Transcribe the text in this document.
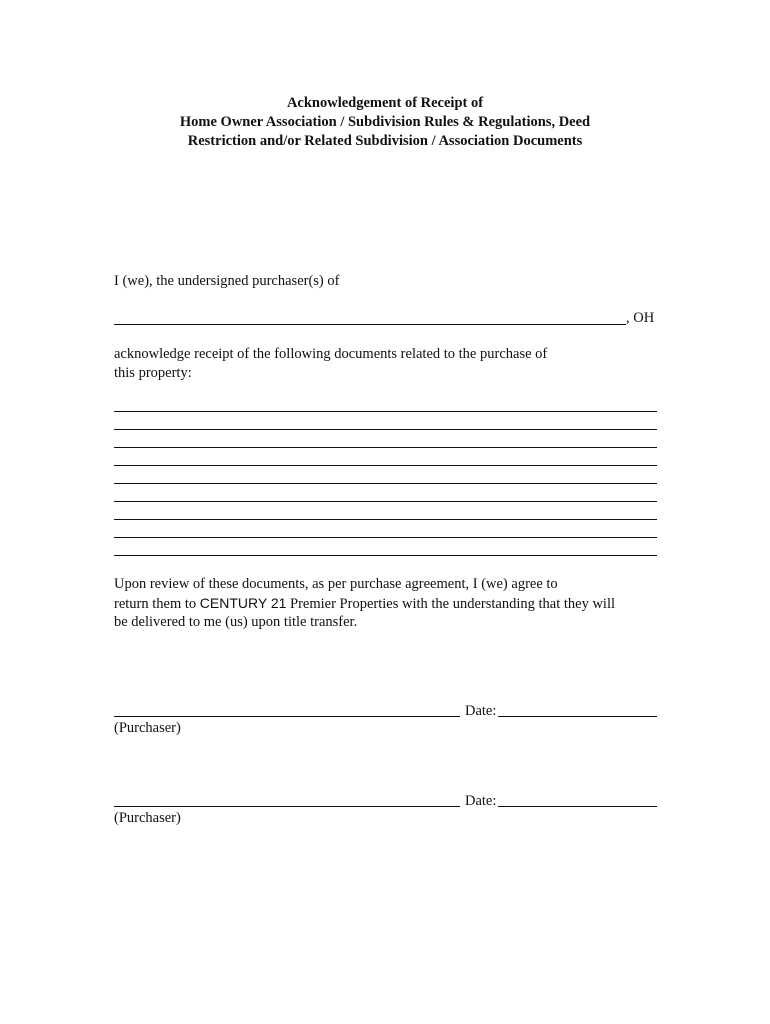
Acknowledgement of Receipt of
Home Owner Association / Subdivision Rules & Regulations, Deed
Restriction and/or Related Subdivision / Association Documents
I (we), the undersigned purchaser(s) of
, OH
acknowledge receipt of the following documents related to the purchase of
this property:
Upon review of these documents, as per purchase agreement, I (we) agree to
return them to CENTURY 21 Premier Properties with the understanding that they will
be delivered to me (us) upon title transfer.
Date:
(Purchaser)
Date:
(Purchaser)
